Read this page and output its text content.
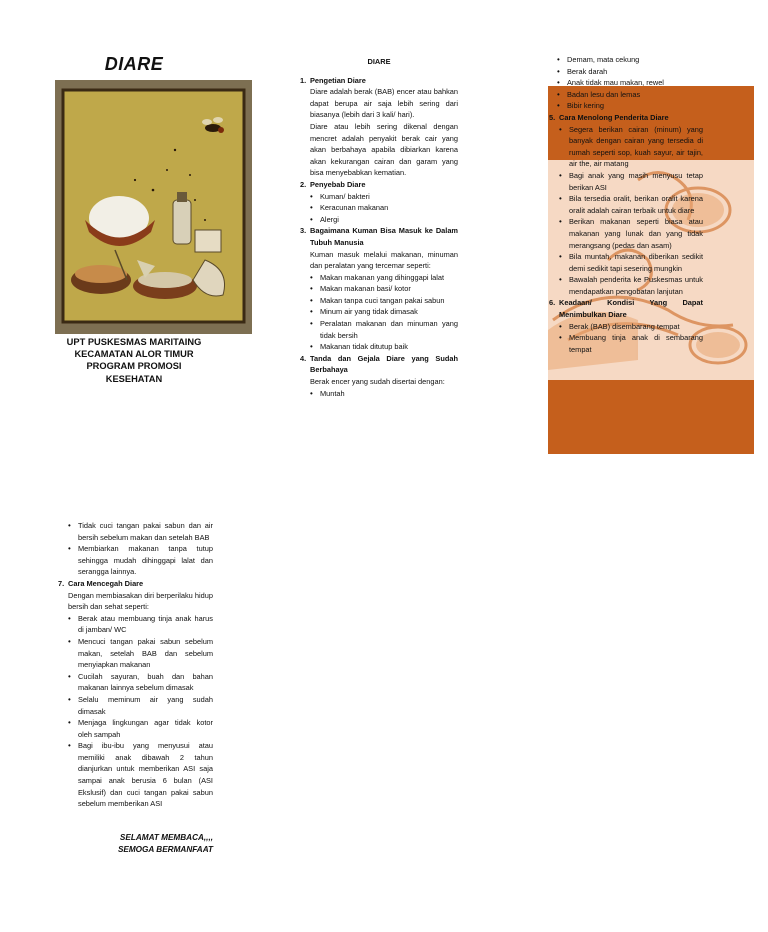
DIARE
UPT PUSKESMAS MARITAING
KECAMATAN ALOR TIMUR
PROGRAM PROMOSI
KESEHATAN
DIARE
1. Pengetian Diare
Diare adalah berak (BAB) encer atau bahkan dapat berupa air saja lebih sering dari biasanya (lebih dari 3 kali/ hari).
Diare atau lebih sering dikenal dengan mencret adalah penyakit berak cair yang akan berbahaya apabila dibiarkan karena akan kekurangan cairan dan garam yang bisa menyebabkan kematian.
2. Penyebab Diare
• Kuman/ bakteri
• Keracunan makanan
• Alergi
3. Bagaimana Kuman Bisa Masuk ke Dalam Tubuh Manusia
Kuman masuk melalui makanan, minuman dan peralatan yang tercemar seperti:
• Makan makanan yang dihinggapi lalat
• Makan makanan basi/ kotor
• Makan tanpa cuci tangan pakai sabun
• Minum air yang tidak dimasak
• Peralatan makanan dan minuman yang tidak bersih
• Makanan tidak ditutup baik
4. Tanda dan Gejala Diare yang Sudah Berbahaya
Berak encer yang sudah disertai dengan:
• Muntah
• Demam, mata cekung
• Berak darah
• Anak tidak mau makan, rewel
• Badan lesu dan lemas
• Bibir kering
5. Cara Menolong Penderita Diare
• Segera berikan cairan (minum) yang banyak dengan cairan yang tersedia di rumah seperti sop, kuah sayur, air tajin, air the, air matang
• Bagi anak yang masih menyusu tetap berikan ASI
• Bila tersedia oralit, berikan oralit karena oralit adalah cairan terbaik untuk diare
• Berikan makanan seperti biasa atau makanan yang lunak dan yang tidak merangsang (pedas dan asam)
• Bila muntah, makanan diberikan sedikit demi sedikit tapi sesering mungkin
• Bawalah penderita ke Puskesmas untuk mendapatkan pengobatan lanjutan
6. Keadaan/ Kondisi Yang Dapat Menimbulkan Diare
• Berak (BAB) disembarang tempat
• Membuang tinja anak di sembarang tempat
• Tidak cuci tangan pakai sabun dan air bersih sebelum makan dan setelah BAB
• Membiarkan makanan tanpa tutup sehingga mudah dihinggapi lalat dan serangga lainnya.
7. Cara Mencegah Diare
Dengan membiasakan diri berperilaku hidup bersih dan sehat seperti:
• Berak atau membuang tinja anak harus di jamban/ WC
• Mencuci tangan pakai sabun sebelum makan, setelah BAB dan sebelum menyiapkan makanan
• Cucilah sayuran, buah dan bahan makanan lainnya sebelum dimasak
• Selalu meminum air yang sudah dimasak
• Menjaga lingkungan agar tidak kotor oleh sampah
• Bagi ibu-ibu yang menyusui atau memiliki anak dibawah 2 tahun dianjurkan untuk memberikan ASI saja sampai anak berusia 6 bulan (ASI Ekslusif) dan cuci tangan pakai sabun sebelum memberikan ASI
SELAMAT MEMBACA,,,,
SEMOGA BERMANFAAT
